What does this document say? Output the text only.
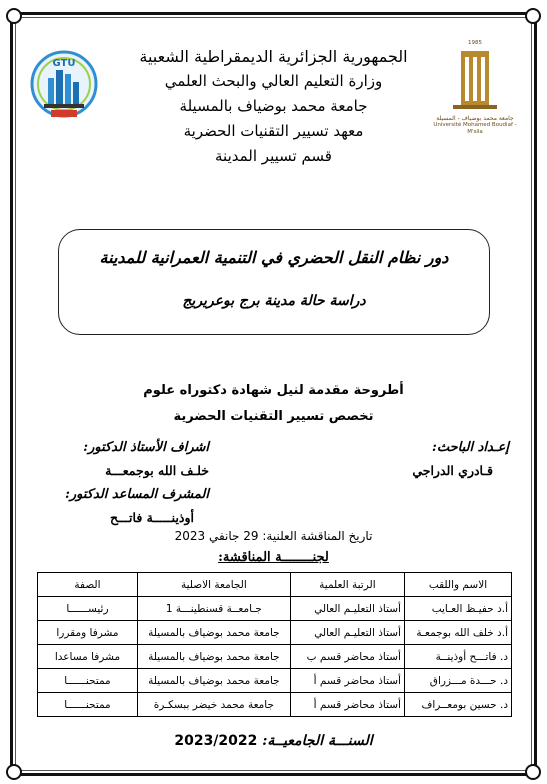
GTU
1985
جامعة محمد بوضياف - المسيلة
Université Mohamed Boudiaf - M'sila
الجمهورية الجزائرية الديمقراطية الشعبية
وزارة التعليم العالي والبحث العلمي
جامعة محمد بوضياف بالمسيلة
معهد تسيير التقنيات الحضرية
قسم تسيير المدينة
دور نظام النقل الحضري في التنمية العمرانية للمدينة
دراسة حالة مدينة برج بوعريريج
أطروحة مقدمة لنيل شهادة دكتوراه علوم
تخصص تسيير التقنيات الحضرية
إعـداد الباحث:
قـادري الدراجي
اشراف الأستاذ الدكتور:
خلـف الله بوجمعـــة
المشرف المساعد الدكتور:
أوذينـــــة فاتـــح
تاريخ المناقشة العلنية: 29 جانفي 2023
لجنــــــــة المناقشة:
الاسم واللقب	الرتبة العلمية	الجامعة الاصلية	الصفة
أ.د حفيـظ العـايب	أستاذ التعليـم العالي	جـامعــة قسنطينـــة 1	رئيســــــا
أ.د خلف الله بوجمعـة	أستاذ التعليـم العالي	جامعة محمد بوضياف بالمسيلة	مشرفا ومقررا
د. فاتـــح أوذينــة	أستاذ محاضر قسم ب	جامعة محمد بوضياف بالمسيلة	مشرفا مساعدا
د. حـــدة مـــزراق	أستاذ محاضر قسم أ	جامعة محمد بوضياف بالمسيلة	ممتحنــــــا
د. حسين بومعــراف	أستاذ محاضر قسم أ	جامعة محمد خيضر ببسكـرة	ممتحنــــــا
السنـــة الجامعيــة: 2023/2022
